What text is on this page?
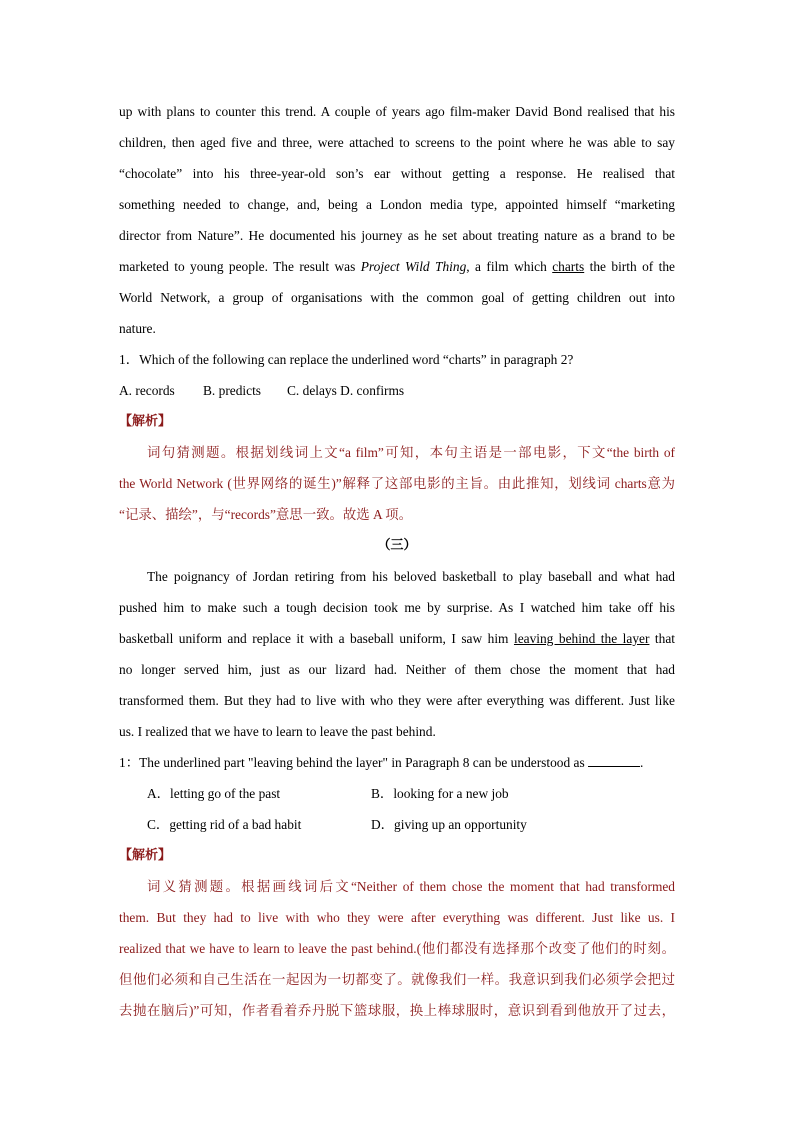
up with plans to counter this trend. A couple of years ago film-maker David Bond realised that his
children, then aged five and three, were attached to screens to the point where he was able to say
“chocolate” into his three-year-old son’s ear without getting a response. He realised that
something needed to change, and, being a London media type, appointed himself “marketing
director from Nature”. He documented his journey as he set about treating nature as a brand to be
marketed to young people. The result was Project Wild Thing, a film which charts the birth of the
World Network, a group of organisations with the common goal of getting children out into
nature.
1．Which of the following can replace the underlined word “charts” in paragraph 2?
A. records B. predicts C. delays D. confirms
【解析】
词句猜测题。根据划线词上文“a film”可知，本句主语是一部电影，下文“the birth of
the World Network (世界网络的诞生)”解释了这部电影的主旨。由此推知，划线词 charts意为
“记录、描绘”，与“records”意思一致。故选 A 项。
（三）
The poignancy of Jordan retiring from his beloved basketball to play baseball and what had
pushed him to make such a tough decision took me by surprise. As I watched him take off his
basketball uniform and replace it with a baseball uniform, I saw him leaving behind the layer that
no longer served him, just as our lizard had. Neither of them chose the moment that had
transformed them. But they had to live with who they were after everything was different. Just like
us. I realized that we have to learn to leave the past behind.
1：The underlined part "leaving behind the layer" in Paragraph 8 can be understood as	.
A．letting go of the past	B．looking for a new job
C．getting rid of a bad habit	D．giving up an opportunity
【解析】
词义猜测题。根据画线词后文“Neither of them chose the moment that had transformed
them. But they had to live with who they were after everything was different. Just like us. I
realized that we have to learn to leave the past behind.(他们都没有选择那个改变了他们的时刻。
但他们必须和自己生活在一起因为一切都变了。就像我们一样。我意识到我们必须学会把过
去抛在脑后)”可知，作者看着乔丹脱下篮球服，换上棒球服时，意识到看到他放开了过去，
